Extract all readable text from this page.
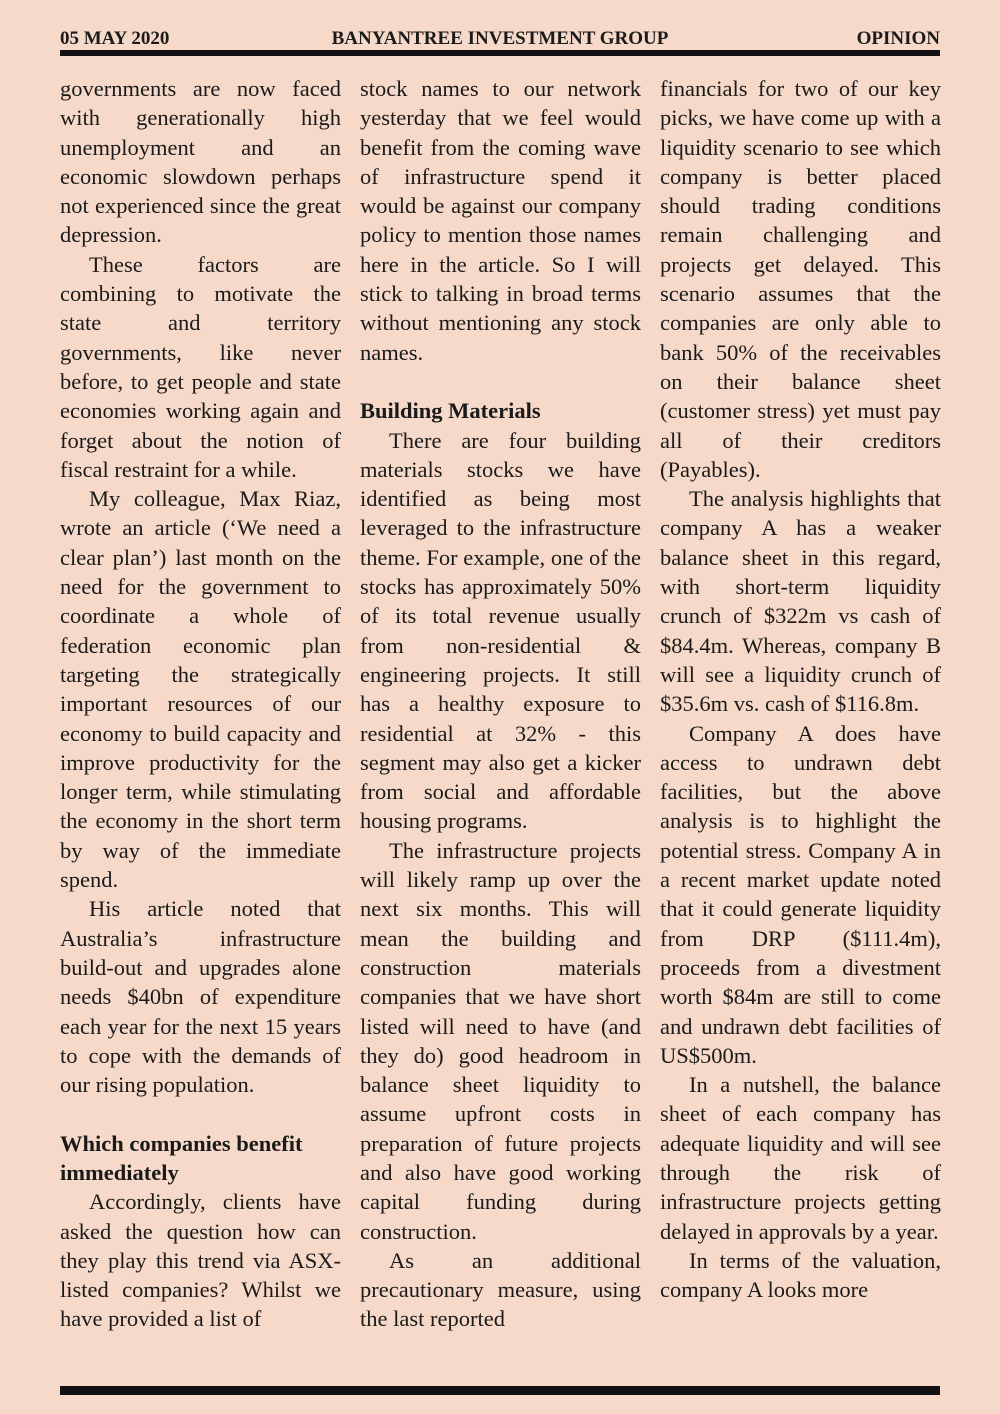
05 MAY 2020	BANYANTREE INVESTMENT GROUP	OPINION

governments are now faced with generationally high unemployment and an economic slowdown perhaps not experienced since the great depression.

These factors are combining to motivate the state and territory governments, like never before, to get people and state economies working again and forget about the notion of fiscal restraint for a while.

My colleague, Max Riaz, wrote an article (‘We need a clear plan’) last month on the need for the government to coordinate a whole of federation economic plan targeting the strategically important resources of our economy to build capacity and improve productivity for the longer term, while stimulating the economy in the short term by way of the immediate spend.

His article noted that Australia’s infrastructure build-out and upgrades alone needs $40bn of expenditure each year for the next 15 years to cope with the demands of our rising population.

Which companies benefit immediately

Accordingly, clients have asked the question how can they play this trend via ASX-listed companies? Whilst we have provided a list of

stock names to our network yesterday that we feel would benefit from the coming wave of infrastructure spend it would be against our company policy to mention those names here in the article. So I will stick to talking in broad terms without mentioning any stock names.

Building Materials

There are four building materials stocks we have identified as being most leveraged to the infrastructure theme. For example, one of the stocks has approximately 50% of its total revenue usually from non-residential & engineering projects. It still has a healthy exposure to residential at 32% - this segment may also get a kicker from social and affordable housing programs.

The infrastructure projects will likely ramp up over the next six months. This will mean the building and construction materials companies that we have short listed will need to have (and they do) good headroom in balance sheet liquidity to assume upfront costs in preparation of future projects and also have good working capital funding during construction.

As an additional precautionary measure, using the last reported

financials for two of our key picks, we have come up with a liquidity scenario to see which company is better placed should trading conditions remain challenging and projects get delayed. This scenario assumes that the companies are only able to bank 50% of the receivables on their balance sheet (customer stress) yet must pay all of their creditors (Payables).

The analysis highlights that company A has a weaker balance sheet in this regard, with short-term liquidity crunch of $322m vs cash of $84.4m. Whereas, company B will see a liquidity crunch of $35.6m vs. cash of $116.8m.

Company A does have access to undrawn debt facilities, but the above analysis is to highlight the potential stress. Company A in a recent market update noted that it could generate liquidity from DRP ($111.4m), proceeds from a divestment worth $84m are still to come and undrawn debt facilities of US$500m.

In a nutshell, the balance sheet of each company has adequate liquidity and will see through the risk of infrastructure projects getting delayed in approvals by a year.

In terms of the valuation, company A looks more
